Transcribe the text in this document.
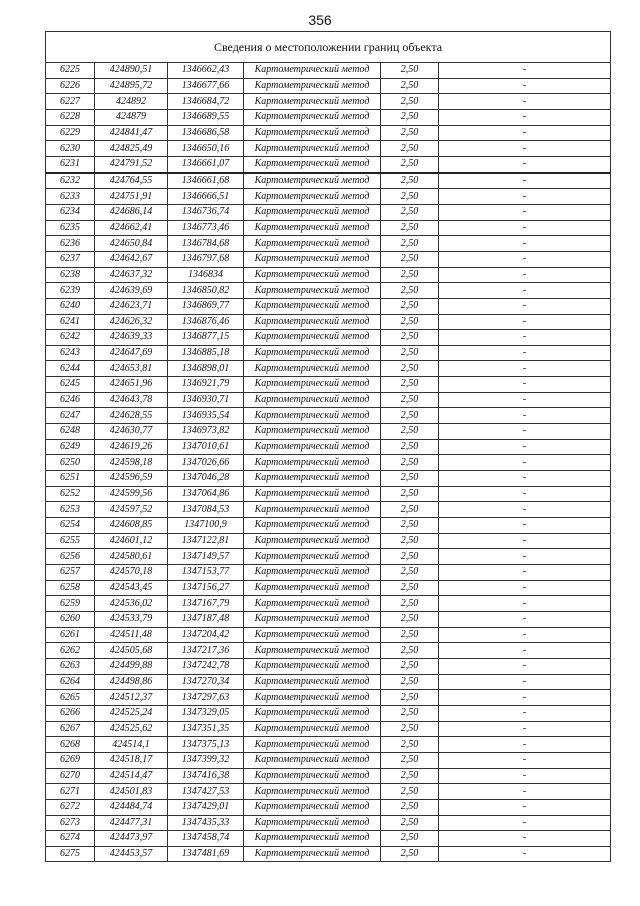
356
Сведения о местоположении границ объекта					
6225	424890,51	1346662,43	Картометрический метод	2,50	-
6226	424895,72	1346677,66	Картометрический метод	2,50	-
6227	424892	1346684,72	Картометрический метод	2,50	-
6228	424879	1346689,55	Картометрический метод	2,50	-
6229	424841,47	1346686,58	Картометрический метод	2,50	-
6230	424825,49	1346650,16	Картометрический метод	2,50	-
6231	424791,52	1346661,07	Картометрический метод	2,50	-
6232	424764,55	1346661,68	Картометрический метод	2,50	-
6233	424751,91	1346666,51	Картометрический метод	2,50	-
6234	424686,14	1346736,74	Картометрический метод	2,50	-
6235	424662,41	1346773,46	Картометрический метод	2,50	-
6236	424650,84	1346784,68	Картометрический метод	2,50	-
6237	424642,67	1346797,68	Картометрический метод	2,50	-
6238	424637,32	1346834	Картометрический метод	2,50	-
6239	424639,69	1346850,82	Картометрический метод	2,50	-
6240	424623,71	1346869,77	Картометрический метод	2,50	-
6241	424626,32	1346876,46	Картометрический метод	2,50	-
6242	424639,33	1346877,15	Картометрический метод	2,50	-
6243	424647,69	1346885,18	Картометрический метод	2,50	-
6244	424653,81	1346898,01	Картометрический метод	2,50	-
6245	424651,96	1346921,79	Картометрический метод	2,50	-
6246	424643,78	1346930,71	Картометрический метод	2,50	-
6247	424628,55	1346935,54	Картометрический метод	2,50	-
6248	424630,77	1346973,82	Картометрический метод	2,50	-
6249	424619,26	1347010,61	Картометрический метод	2,50	-
6250	424598,18	1347026,66	Картометрический метод	2,50	-
6251	424596,59	1347046,28	Картометрический метод	2,50	-
6252	424599,56	1347064,86	Картометрический метод	2,50	-
6253	424597,52	1347084,53	Картометрический метод	2,50	-
6254	424608,85	1347100,9	Картометрический метод	2,50	-
6255	424601,12	1347122,81	Картометрический метод	2,50	-
6256	424580,61	1347149,57	Картометрический метод	2,50	-
6257	424570,18	1347153,77	Картометрический метод	2,50	-
6258	424543,45	1347156,27	Картометрический метод	2,50	-
6259	424536,02	1347167,79	Картометрический метод	2,50	-
6260	424533,79	1347187,48	Картометрический метод	2,50	-
6261	424511,48	1347204,42	Картометрический метод	2,50	-
6262	424505,68	1347217,36	Картометрический метод	2,50	-
6263	424499,88	1347242,78	Картометрический метод	2,50	-
6264	424498,86	1347270,34	Картометрический метод	2,50	-
6265	424512,37	1347297,63	Картометрический метод	2,50	-
6266	424525,24	1347329,05	Картометрический метод	2,50	-
6267	424525,62	1347351,35	Картометрический метод	2,50	-
6268	424514,1	1347375,13	Картометрический метод	2,50	-
6269	424518,17	1347399,32	Картометрический метод	2,50	-
6270	424514,47	1347416,38	Картометрический метод	2,50	-
6271	424501,83	1347427,53	Картометрический метод	2,50	-
6272	424484,74	1347429,01	Картометрический метод	2,50	-
6273	424477,31	1347435,33	Картометрический метод	2,50	-
6274	424473,97	1347458,74	Картометрический метод	2,50	-
6275	424453,57	1347481,69	Картометрический метод	2,50	-
